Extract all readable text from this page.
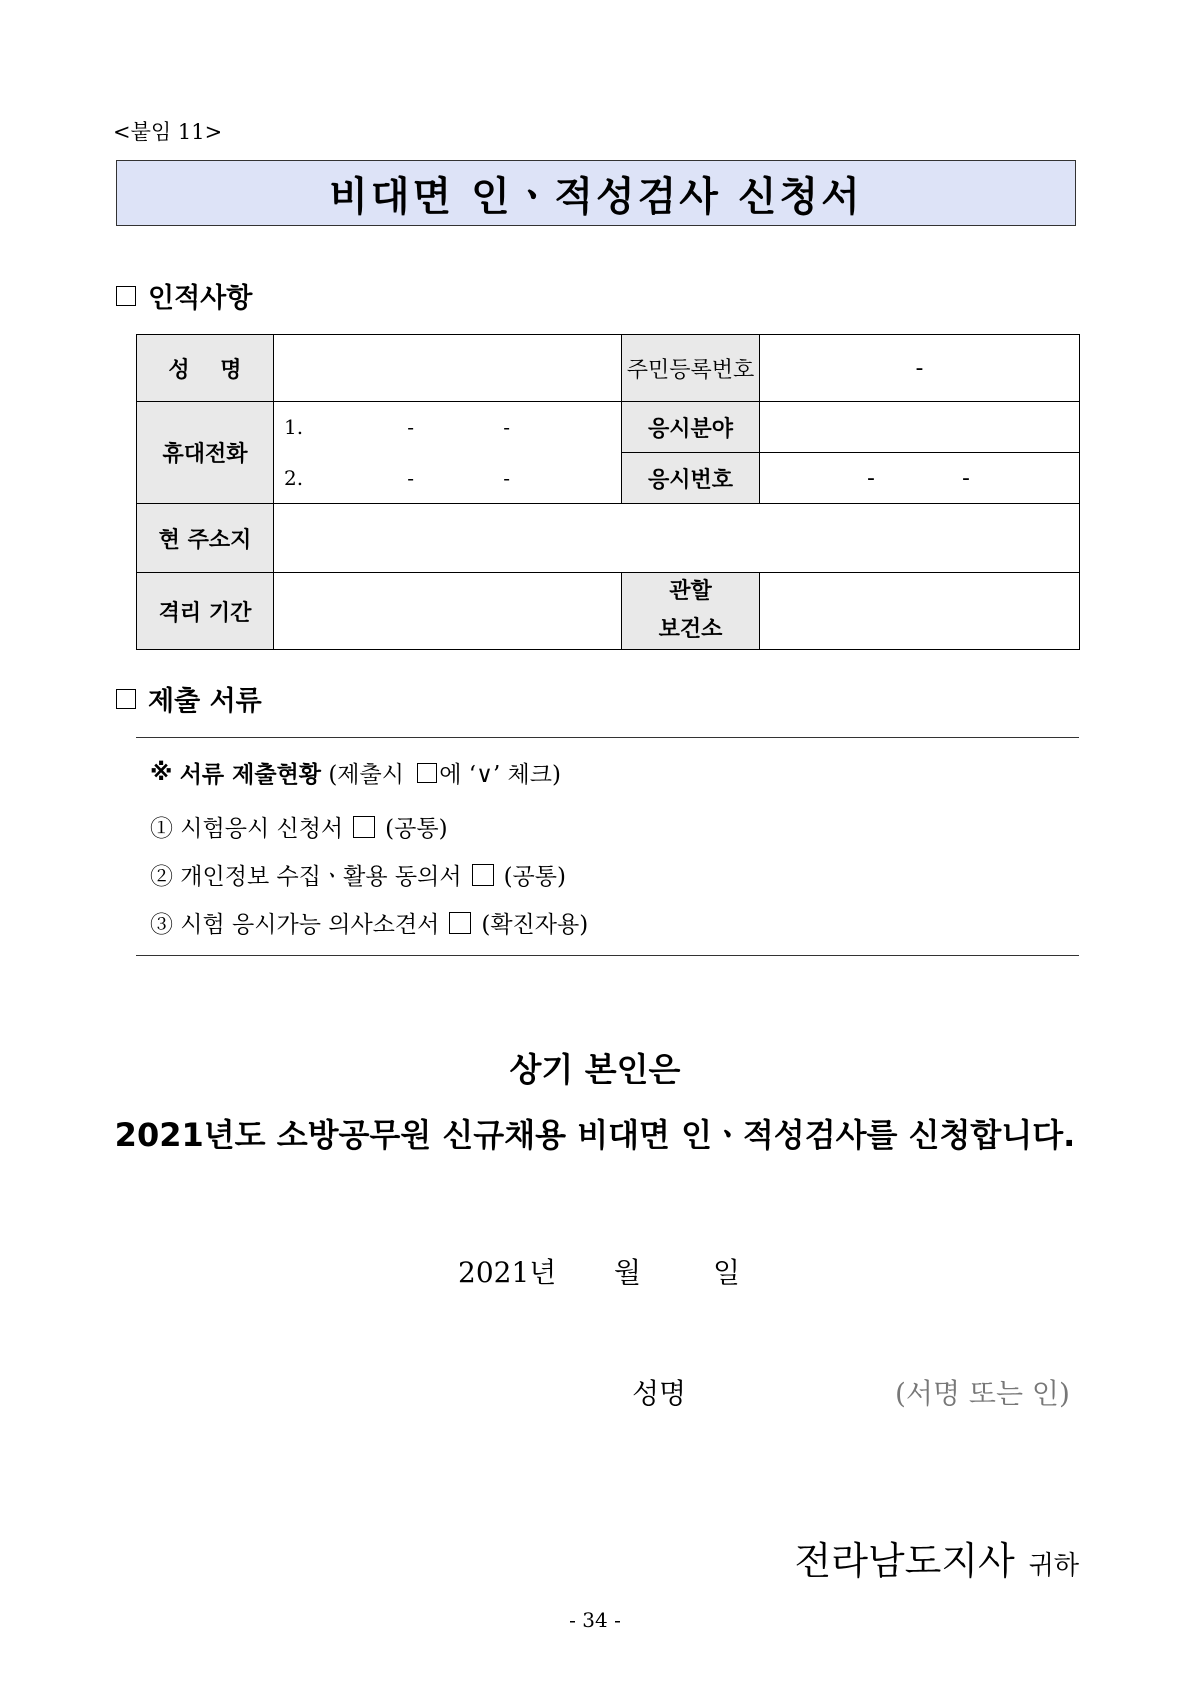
<붙임 11>
비대면 인ㆍ적성검사 신청서
인적사항
성    명		주민등록번호	-
휴대전화	1. - -	응시분야	

	2. - -	응시번호	- -

현 주소지			
격리 기간		관할
보건소	

제출 서류
※
서류 제출현황 (제출시 에 ‘∨’ 체크)
① 시험응시 신청서 (공통)
② 개인정보 수집ㆍ활용 동의서 (공통)
③ 시험 응시가능 의사소견서 (확진자용)
상기 본인은
2021년도 소방공무원 신규채용 비대면 인ㆍ적성검사를 신청합니다.
2021년 월	일
성명	(서명 또는 인)
전라남도지사 귀하
- 34 -
